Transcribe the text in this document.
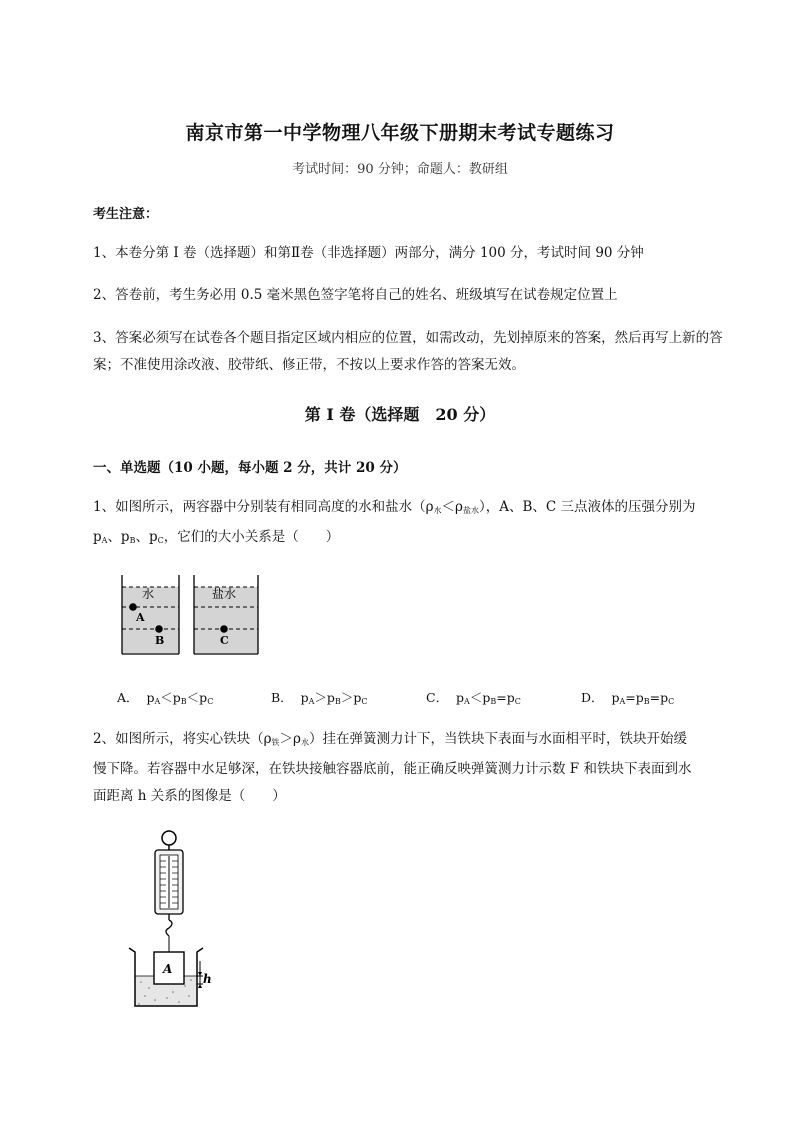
南京市第一中学物理八年级下册期末考试专题练习
考试时间：90 分钟；命题人：教研组
考生注意：
1、本卷分第 I 卷（选择题）和第Ⅱ卷（非选择题）两部分，满分 100 分，考试时间 90 分钟
2、答卷前，考生务必用 0.5 毫米黑色签字笔将自己的姓名、班级填写在试卷规定位置上
3、答案必须写在试卷各个题目指定区域内相应的位置，如需改动，先划掉原来的答案，然后再写上新的答案；不准使用涂改液、胶带纸、修正带，不按以上要求作答的答案无效。
第 I 卷（选择题　20 分）
一、单选题（10 小题，每小题 2 分，共计 20 分）
1、如图所示，两容器中分别装有相同高度的水和盐水$(\rho_水<\rho_{盐水})$，A、B、C 三点液体的压强分别为
$p_A$、$p_B$、$p_C$，它们的大小关系是（　　）
水	盐水
A
B	C
A．  $p_A<p_B<p_C$	B．  $p_A>p_B>p_C$	C．  $p_A<p_B=p_C$	D．  $p_A=p_B=p_C$
2、如图所示，将实心铁块$(\rho_铁>\rho_水)$挂在弹簧测力计下，当铁块下表面与水面相平时，铁块开始缓
慢下降。若容器中水足够深，在铁块接触容器底前，能正确反映弹簧测力计示数 F 和铁块下表面到水
面距离 h 关系的图像是（　　）
A
h
